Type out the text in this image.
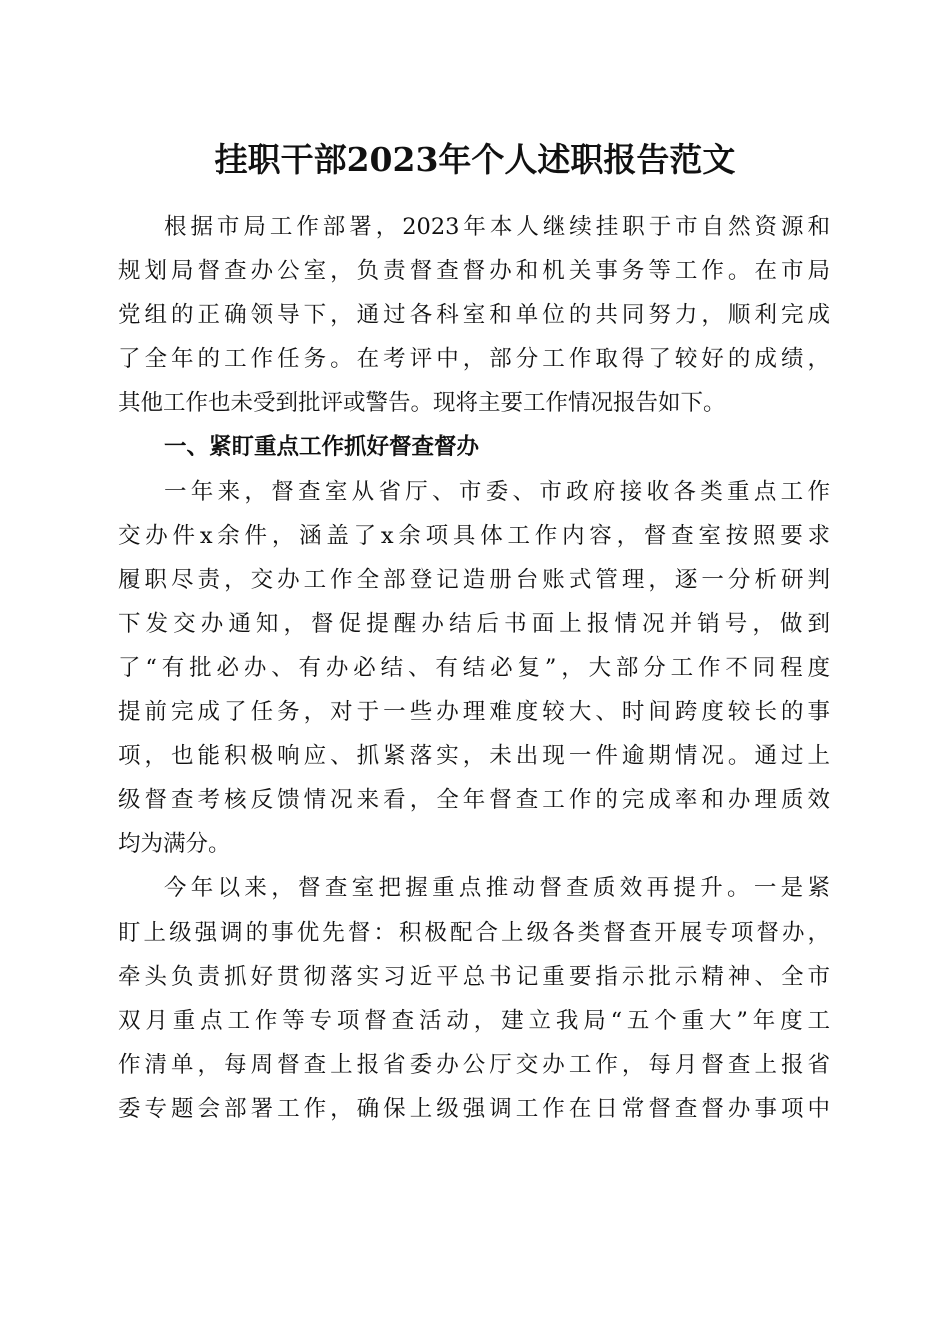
挂职干部2023年个人述职报告范文
根据市局工作部署，2023年本人继续挂职于市自然资源和
规划局督查办公室，负责督查督办和机关事务等工作。在市局
党组的正确领导下，通过各科室和单位的共同努力，顺利完成
了全年的工作任务。在考评中，部分工作取得了较好的成绩，
其他工作也未受到批评或警告。现将主要工作情况报告如下。
一、紧盯重点工作抓好督查督办
一年来，督查室从省厅、市委、市政府接收各类重点工作
交办件x余件，涵盖了x余项具体工作内容，督查室按照要求
履职尽责，交办工作全部登记造册台账式管理，逐一分析研判
下发交办通知，督促提醒办结后书面上报情况并销号，做到
了“有批必办、有办必结、有结必复”，大部分工作不同程度
提前完成了任务，对于一些办理难度较大、时间跨度较长的事
项，也能积极响应、抓紧落实，未出现一件逾期情况。通过上
级督查考核反馈情况来看，全年督查工作的完成率和办理质效
均为满分。
今年以来，督查室把握重点推动督查质效再提升。一是紧
盯上级强调的事优先督：积极配合上级各类督查开展专项督办，
牵头负责抓好贯彻落实习近平总书记重要指示批示精神、全市
双月重点工作等专项督查活动，建立我局“五个重大”年度工
作清单，每周督查上报省委办公厅交办工作，每月督查上报省
委专题会部署工作，确保上级强调工作在日常督查督办事项中
